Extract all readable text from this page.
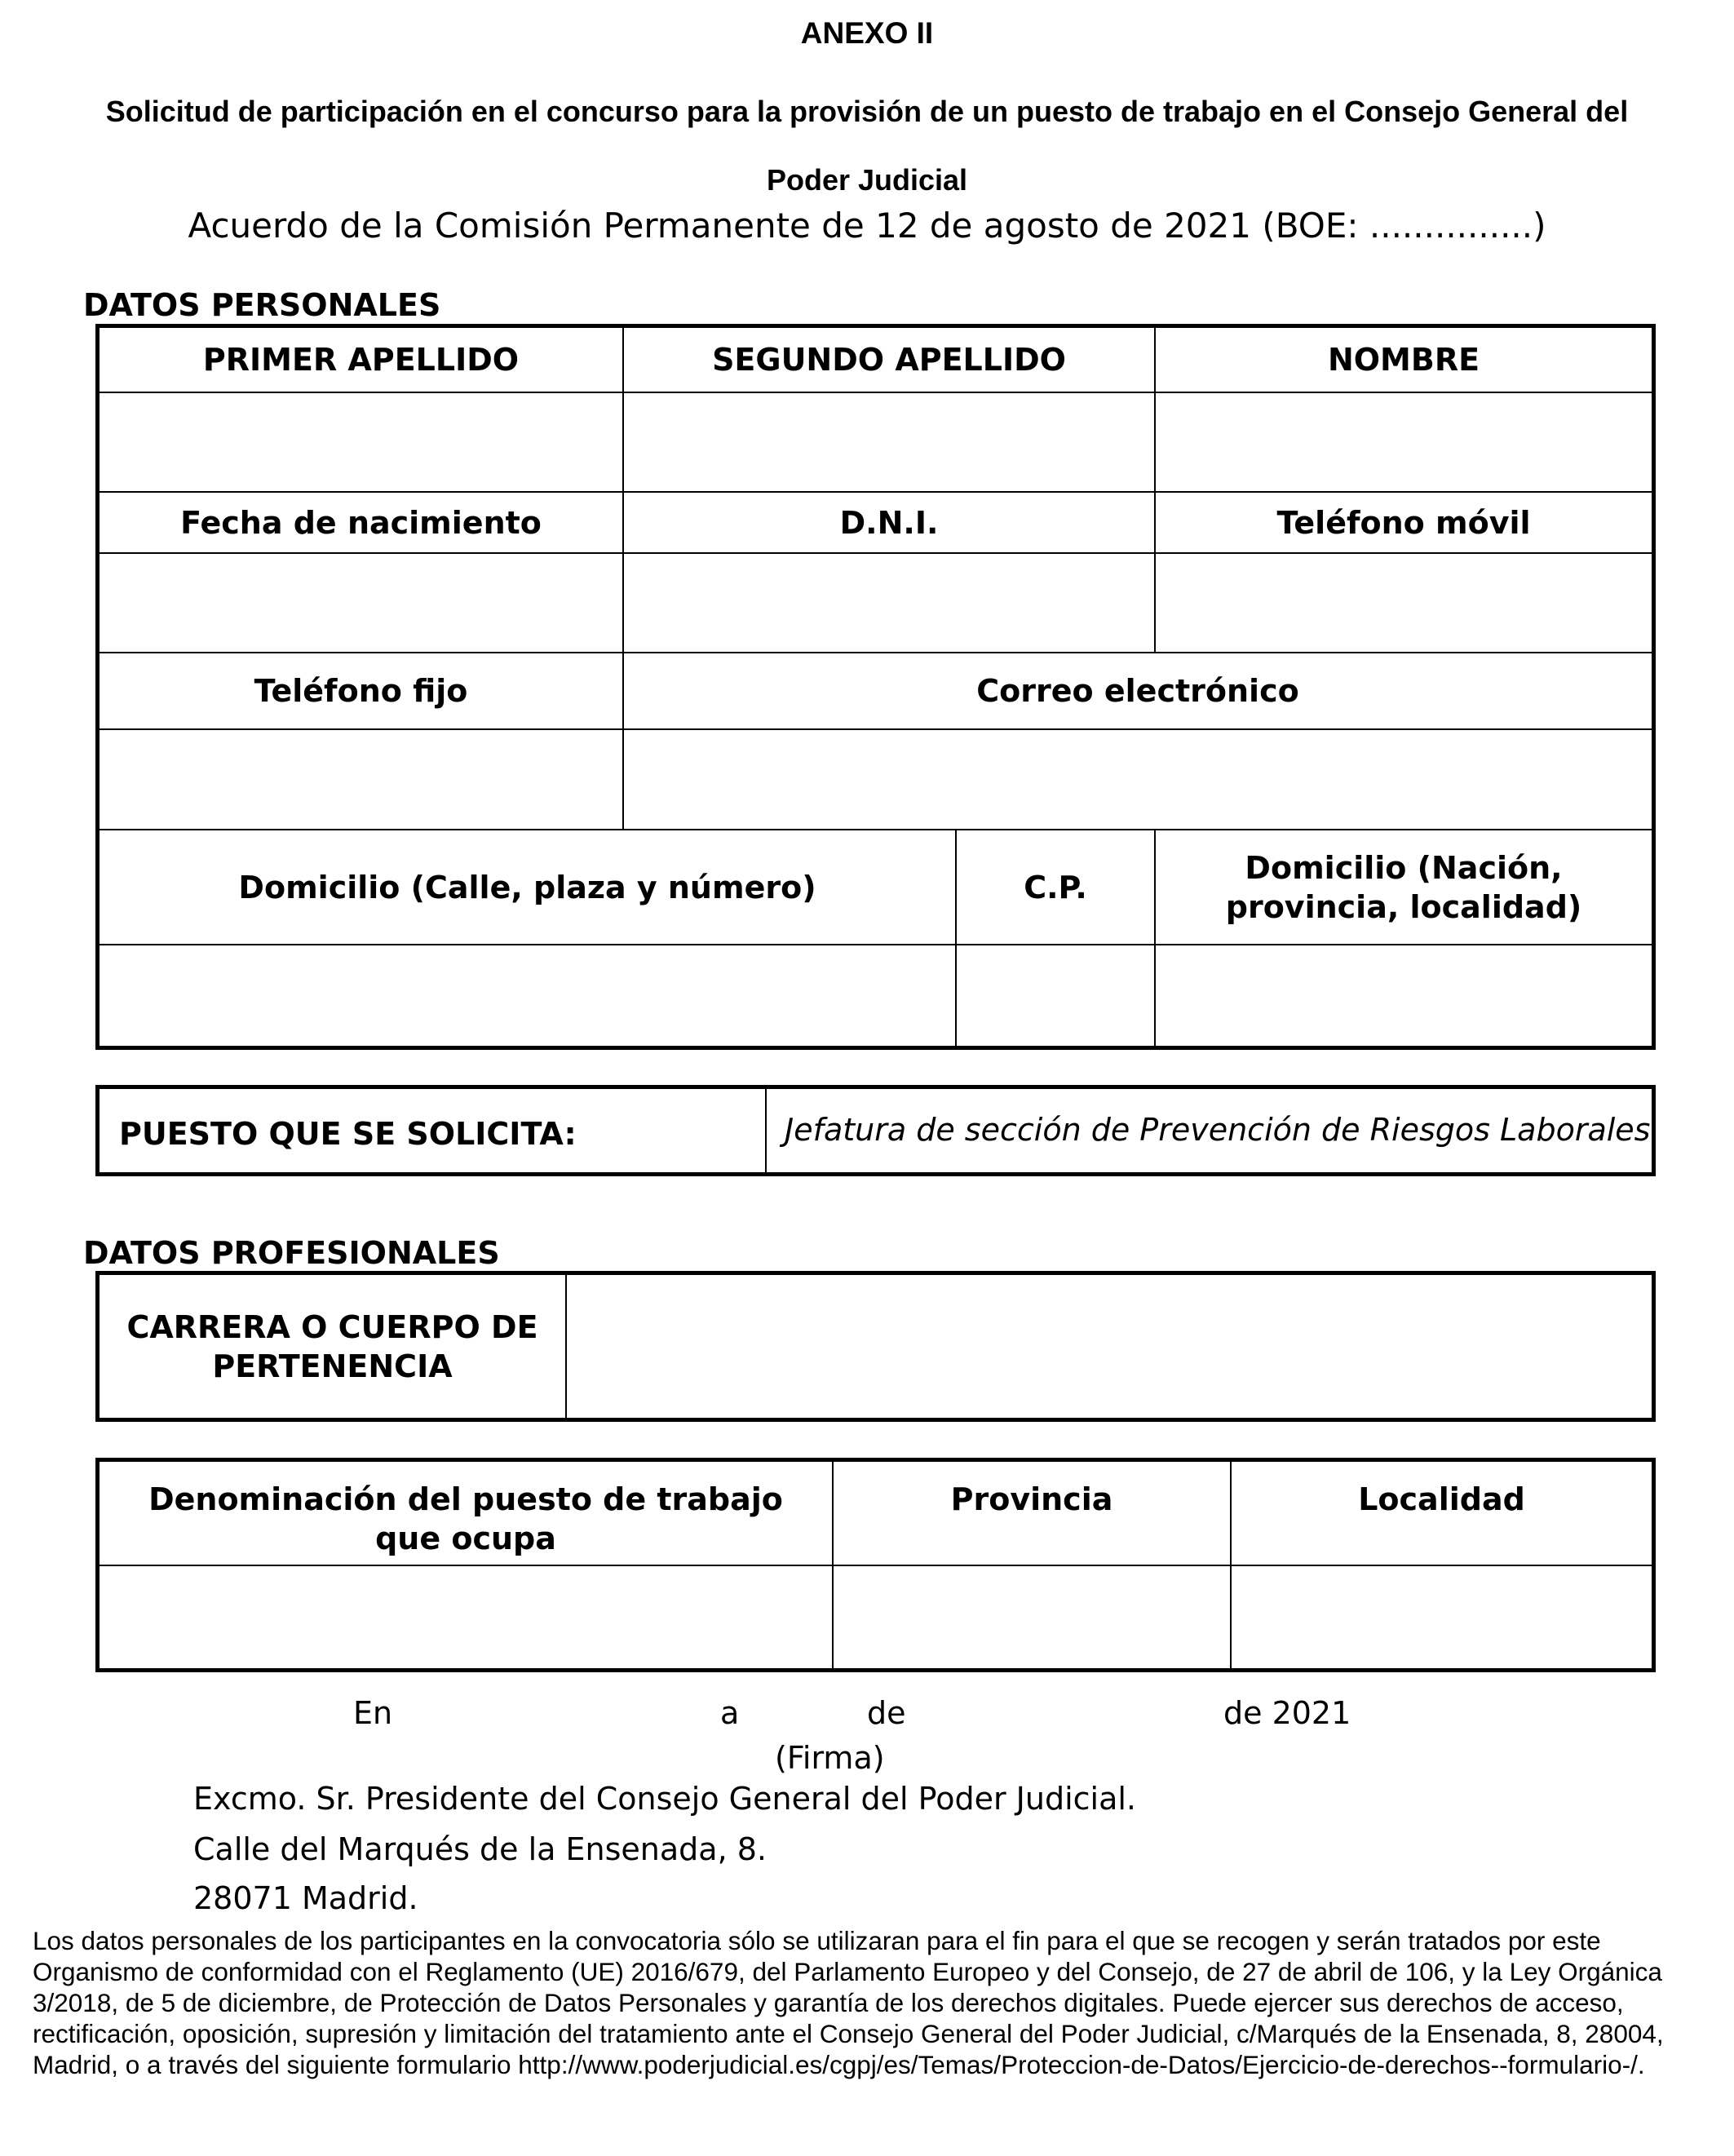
ANEXO II
Solicitud de participación en el concurso para la provisión de un puesto de trabajo en el Consejo General del Poder Judicial
Acuerdo de la Comisión Permanente de 12 de agosto de 2021 (BOE: ...............)
DATOS PERSONALES
PRIMER APELLIDO	SEGUNDO APELLIDO		NOMBRE

Fecha de nacimiento	D.N.I.		Teléfono móvil

Teléfono fijo	Correo electrónico		

Domicilio (Calle, plaza y número)		C.P.	Domicilio (Nación, provincia, localidad)

PUESTO QUE SE SOLICITA:	Jefatura de sección de Prevención de Riesgos Laborales
DATOS PROFESIONALES
CARRERA O CUERPO DE PERTENENCIA	
Denominación del puesto de trabajo que ocupa	Provincia	Localidad

En	a	de	de 2021
(Firma)
Excmo. Sr. Presidente del Consejo General del Poder Judicial.
Calle del Marqués de la Ensenada, 8.
28071 Madrid.
Los datos personales de los participantes en la convocatoria sólo se utilizaran para el fin para el que se recogen y serán tratados por este Organismo de conformidad con el Reglamento (UE) 2016/679, del Parlamento Europeo y del Consejo, de 27 de abril de 106, y la Ley Orgánica 3/2018, de 5 de diciembre, de Protección de Datos Personales y garantía de los derechos digitales. Puede ejercer sus derechos de acceso, rectificación, oposición, supresión y limitación del tratamiento ante el Consejo General del Poder Judicial, c/Marqués de la Ensenada, 8, 28004, Madrid, o a través del siguiente formulario http://www.poderjudicial.es/cgpj/es/Temas/Proteccion-de-Datos/Ejercicio-de-derechos--formulario-/.
